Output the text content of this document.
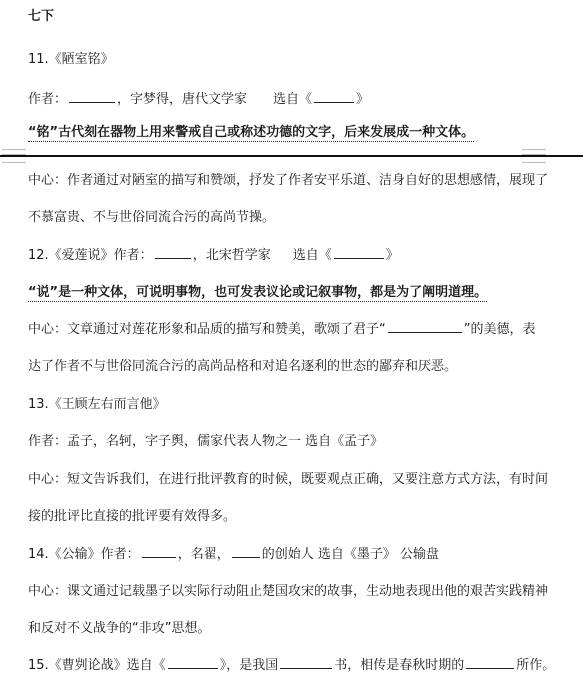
七下
11.《陋室铭》
作者：	，字梦得，唐代文学家 选自《	》
“铭”古代刻在器物上用来警戒自己或称述功德的文字，后来发展成一种文体。
中心：作者通过对陋室的描写和赞颂，抒发了作者安平乐道、洁身自好的思想感情，展现了
不慕富贵、不与世俗同流合污的高尚节操。
12.《爱莲说》作者：	，北宋哲学家 选自《	》
“说”是一种文体，可说明事物，也可发表议论或记叙事物，都是为了阐明道理。
中心：文章通过对莲花形象和品质的描写和赞美，歌颂了君子“	”的美德，表
达了作者不与世俗同流合污的高尚品格和对追名逐利的世态的鄙弃和厌恶。
13.《王顾左右而言他》
作者：孟子，名轲，字子舆，儒家代表人物之一 选自《孟子》
中心：短文告诉我们，在进行批评教育的时候，既要观点正确，又要注意方式方法，有时间
接的批评比直接的批评要有效得多。
14.《公输》作者：	，名翟， 的创始人 选自《墨子》 公输盘
中心：课文通过记载墨子以实际行动阻止楚国攻宋的故事，生动地表现出他的艰苦实践精神
和反对不义战争的“非攻”思想。
15.《曹刿论战》选自《	》，是我国	书，相传是春秋时期的	所作。
